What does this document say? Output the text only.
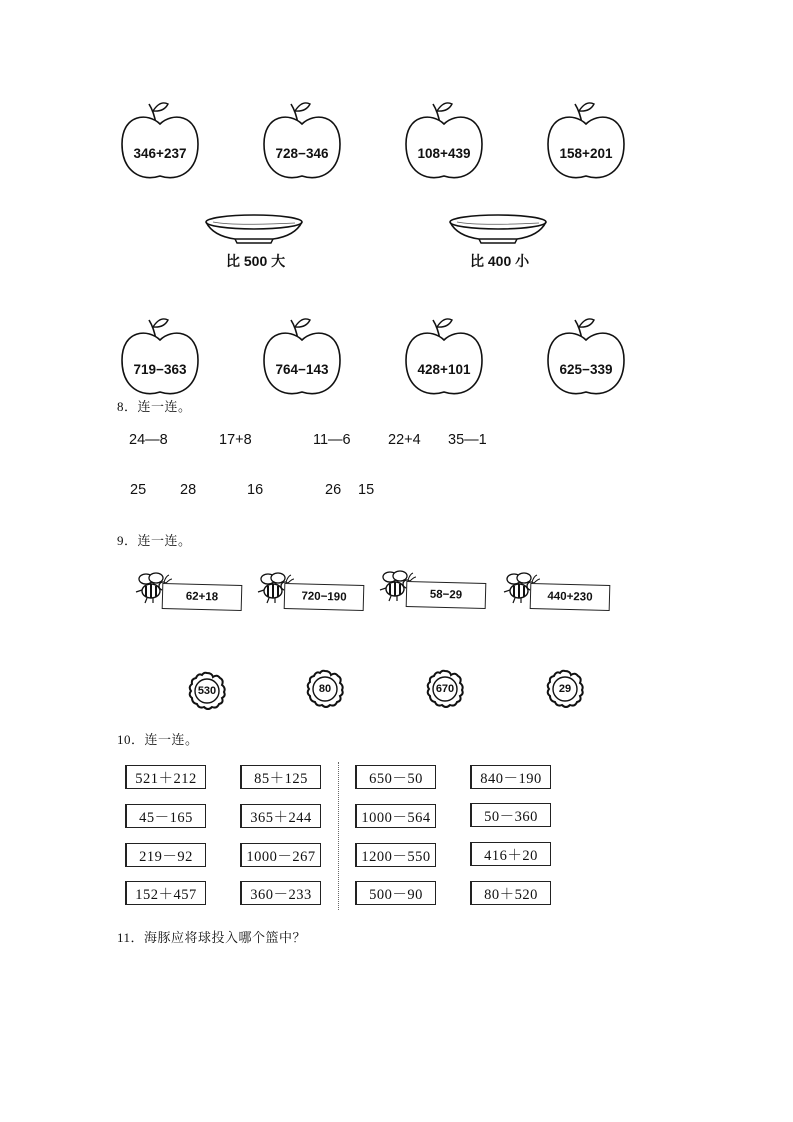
346+237	728−346	108+439	158+201
比 500 大	比 400 小
719−363	764−143	428+101	625−339
8．连一连。
24—8	17+8	11—6	22+4 35—1
25 28	16	26 15
9．连一连。
62+18	720−190	58−29	440+230
530	80	670	29
10．连一连。
521＋212	85＋125	650－50	840－190
45－165	365＋244	1000－564	50－360
219－92	1000－267	1200－550	416＋20
152＋457	360－233	500－90	80＋520
11．海豚应将球投入哪个篮中？
